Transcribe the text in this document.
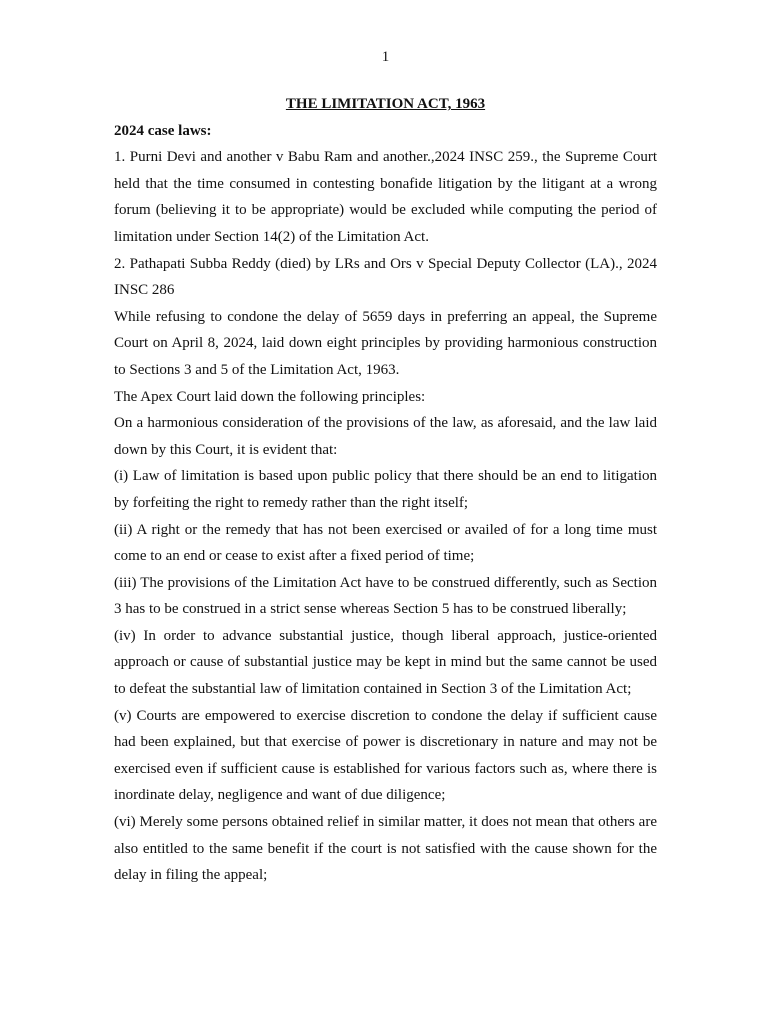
1

THE LIMITATION ACT, 1963

2024 case laws:

1. Purni Devi and another v Babu Ram and another.,2024 INSC 259., the Supreme Court held that the time consumed in contesting bonafide litigation by the litigant at a wrong forum (believing it to be appropriate) would be excluded while computing the period of limitation under Section 14(2) of the Limitation Act.

2. Pathapati Subba Reddy (died) by LRs and Ors v Special Deputy Collector (LA)., 2024 INSC 286

While refusing to condone the delay of 5659 days in preferring an appeal, the Supreme Court on April 8, 2024, laid down eight principles by providing harmonious construction to Sections 3 and 5 of the Limitation Act, 1963.

The Apex Court laid down the following principles:

On a harmonious consideration of the provisions of the law, as aforesaid, and the law laid down by this Court, it is evident that:

(i) Law of limitation is based upon public policy that there should be an end to litigation by forfeiting the right to remedy rather than the right itself;

(ii) A right or the remedy that has not been exercised or availed of for a long time must come to an end or cease to exist after a fixed period of time;

(iii) The provisions of the Limitation Act have to be construed differently, such as Section 3 has to be construed in a strict sense whereas Section 5 has to be construed liberally;

(iv) In order to advance substantial justice, though liberal approach, justice-oriented approach or cause of substantial justice may be kept in mind but the same cannot be used to defeat the substantial law of limitation contained in Section 3 of the Limitation Act;

(v) Courts are empowered to exercise discretion to condone the delay if sufficient cause had been explained, but that exercise of power is discretionary in nature and may not be exercised even if sufficient cause is established for various factors such as, where there is inordinate delay, negligence and want of due diligence;

(vi) Merely some persons obtained relief in similar matter, it does not mean that others are also entitled to the same benefit if the court is not satisfied with the cause shown for the delay in filing the appeal;
